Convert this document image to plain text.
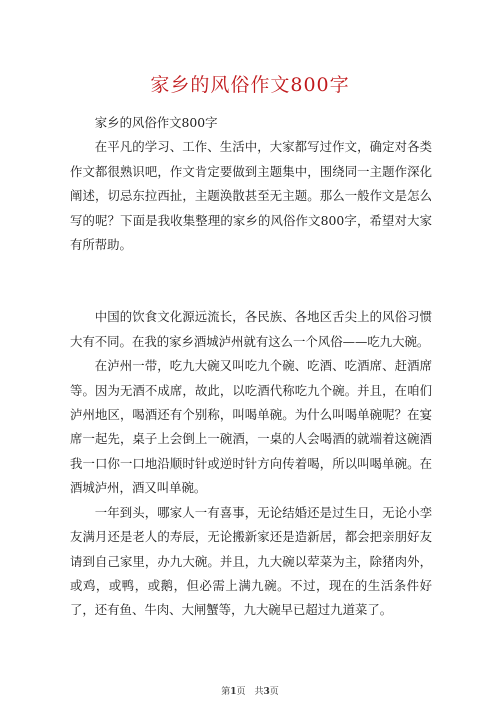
家乡的风俗作文800字

家乡的风俗作文800字

在平凡的学习、工作、生活中，大家都写过作文，确定对各类作文都很熟识吧，作文肯定要做到主题集中，围绕同一主题作深化阐述，切忌东拉西扯，主题涣散甚至无主题。那么一般作文是怎么写的呢？下面是我收集整理的家乡的风俗作文800字，希望对大家有所帮助。

中国的饮食文化源远流长，各民族、各地区舌尖上的风俗习惯大有不同。在我的家乡酒城泸州就有这么一个风俗——吃九大碗。

在泸州一带，吃九大碗又叫吃九个碗、吃酒、吃酒席、赶酒席等。因为无酒不成席，故此，以吃酒代称吃九个碗。并且，在咱们泸州地区，喝酒还有个别称，叫喝单碗。为什么叫喝单碗呢？在宴席一起先，桌子上会倒上一碗酒，一桌的人会喝酒的就端着这碗酒我一口你一口地沿顺时针或逆时针方向传着喝，所以叫喝单碗。在酒城泸州，酒又叫单碗。

一年到头，哪家人一有喜事，无论结婚还是过生日，无论小孪友满月还是老人的寿辰，无论搬新家还是造新居，都会把亲朋好友请到自己家里，办九大碗。并且，九大碗以荤菜为主，除猪肉外，或鸡，或鸭，或鹅，但必需上满九碗。不过，现在的生活条件好了，还有鱼、牛肉、大闸蟹等，九大碗早已超过九道菜了。

第1页　共3页
